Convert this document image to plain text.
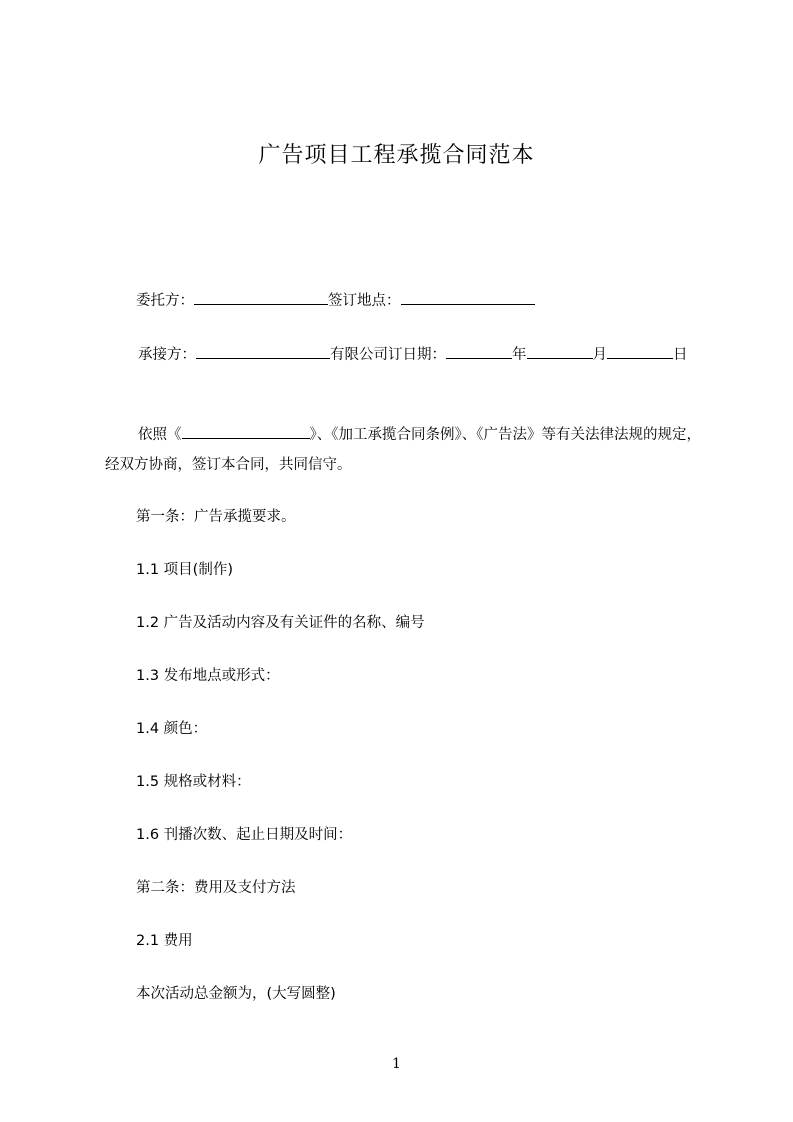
广告项目工程承揽合同范本
委托方：	签订地点：
承接方：	有限公司订日期：	年	月	日
依照《	》、《加工承揽合同条例》、《广告法》等有关法律法规的规定，经双方协商，签订本合同，共同信守。
第一条：广告承揽要求。
1.1 项目(制作)
1.2 广告及活动内容及有关证件的名称、编号
1.3 发布地点或形式：
1.4 颜色：
1.5 规格或材料：
1.6 刊播次数、起止日期及时间：
第二条：费用及支付方法
2.1 费用
本次活动总金额为，(大写圆整)
1
